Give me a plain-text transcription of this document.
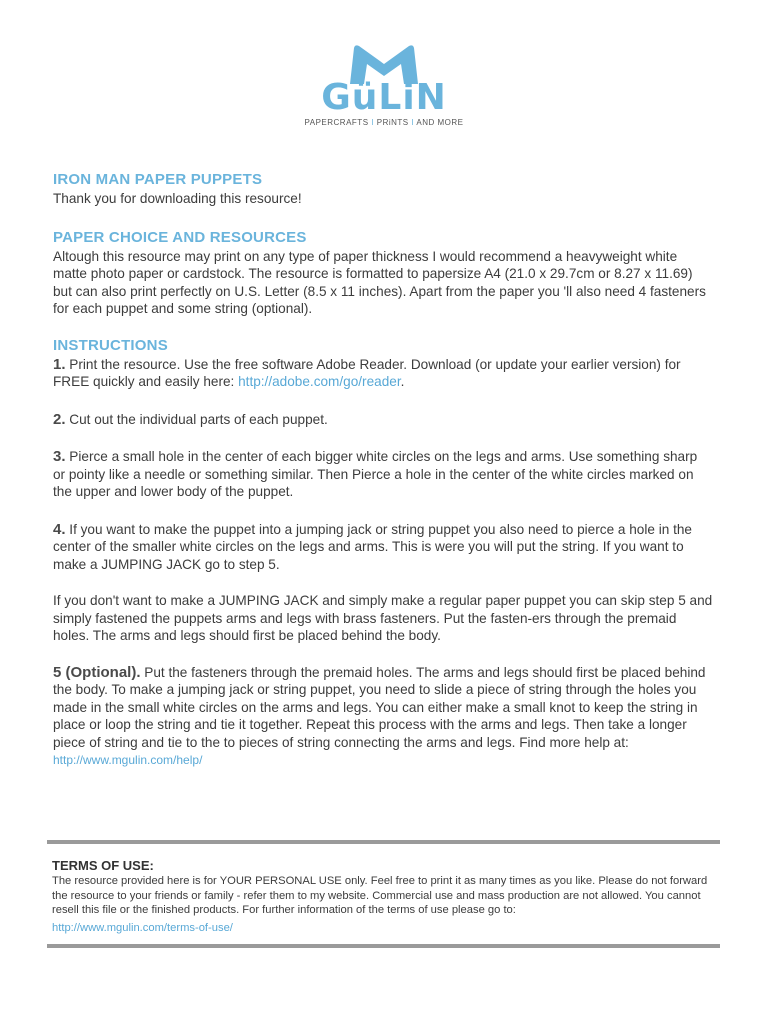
GüLiN
PAPERCRAFTS I PRiNTS I AND MORE
IRON MAN PAPER PUPPETS

Thank you for downloading this resource!

PAPER CHOICE AND RESOURCES

Altough this resource may print on any type of paper thickness I would recommend a heavyweight white matte photo paper or cardstock. The resource is formatted to papersize A4 (21.0 x 29.7cm or 8.27 x 11.69) but can also print perfectly on U.S. Letter (8.5 x 11 inches). Apart from the paper you 'll also need 4 fasteners for each puppet and some string (optional).

INSTRUCTIONS

1. Print the resource. Use the free software Adobe Reader. Download (or update your earlier version) for FREE quickly and easily here: http://adobe.com/go/reader.

2. Cut out the individual parts of each puppet.

3. Pierce a small hole in the center of each bigger white circles on the legs and arms. Use something sharp or pointy like a needle or something similar. Then Pierce a hole in the center of the white circles marked on the upper and lower body of the puppet.

4. If you want to make the puppet into a jumping jack or string puppet you also need to pierce a hole in the center of the smaller white circles on the legs and arms. This is were you will put the string. If you want to make a JUMPING JACK go to step 5.

If you don't want to make a JUMPING JACK and simply make a regular paper puppet you can skip step 5 and simply fastened the puppets arms and legs with brass fasteners. Put the fasten-ers through the premaid holes. The arms and legs should first be placed behind the body.

5 (Optional). Put the fasteners through the premaid holes. The arms and legs should first be placed behind the body. To make a jumping jack or string puppet, you need to slide a piece of string through the holes you made in the small white circles on the arms and legs. You can either make a small knot to keep the string in place or loop the string and tie it together. Repeat this process with the arms and legs. Then take a longer piece of string and tie to the to pieces of string connecting the arms and legs. Find more help at: http://www.mgulin.com/help/

TERMS OF USE:

The resource provided here is for YOUR PERSONAL USE only. Feel free to print it as many times as you like. Please do not forward the resource to your friends or family - refer them to my website. Commercial use and mass production are not allowed. You cannot resell this file or the finished products. For further information of the terms of use please go to:

http://www.mgulin.com/terms-of-use/
